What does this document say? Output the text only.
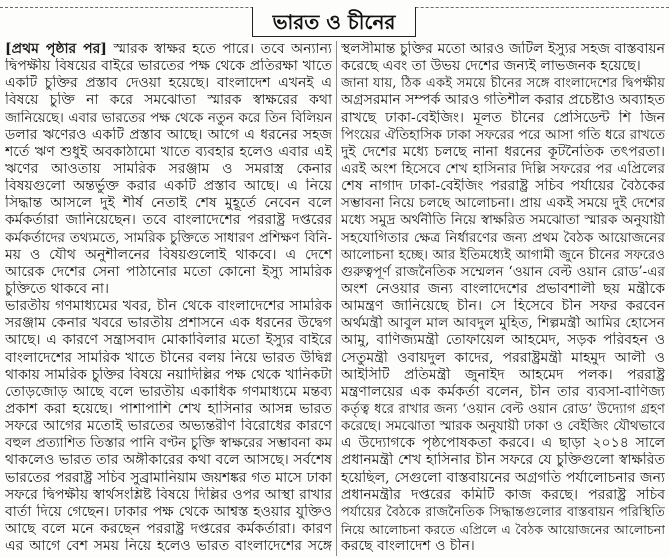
ভারত ও চীনের
[প্রথম পৃষ্ঠার পর] স্মারক স্বাক্ষর হতে পারে। তবে অন্যান্য
দ্বিপক্ষীয় বিষয়ের বাইরে ভারতের পক্ষ থেকে প্রতিরক্ষা খাতে
একটি চুক্তির প্রস্তাব দেওয়া হয়েছে। বাংলাদেশ এখনই এ
বিষয়ে চুক্তি না করে সমঝোতা স্মারক স্বাক্ষরের কথা
জানিয়েছে। এবার ভারতের পক্ষ থেকে নতুন করে তিন বিলিয়ন
ডলার ঋণেরও একটি প্রস্তাব আছে। আগে এ ধরনের সহজ
শর্তে ঋণ শুধুই অবকাঠামো খাতে ব্যবহার হলেও এবার এই
ঋণের আওতায় সামরিক সরঞ্জাম ও সমরাস্ত্র কেনার
বিষয়গুলো অন্তর্ভুক্ত করার একটি প্রস্তাব আছে। এ নিয়ে
সিদ্ধান্ত আসলে দুই শীর্ষ নেতাই শেষ মুহূর্তে নেবেন বলে
কর্মকর্তারা জানিয়েছেন। তবে বাংলাদেশের পররাষ্ট্র দপ্তরের
কর্মকর্তাদের তথ্যমতে, সামরিক চুক্তিতে সাধারণ প্রশিক্ষণ বিনি-
ময় ও যৌথ অনুশীলনের বিষয়গুলোই থাকবে। এ দেশে
আরেক দেশের সেনা পাঠানোর মতো কোনো ইস্যু সামরিক
চুক্তিতে থাকবে না।
ভারতীয় গণমাধ্যমের খবর, চীন থেকে বাংলাদেশের সামরিক
সরঞ্জাম কেনার খবরে ভারতীয় প্রশাসনে এক ধরনের উদ্বেগ
আছে। এ কারণে সন্ত্রাসবাদ মোকাবিলার মতো ইস্যুর বাইরে
বাংলাদেশের সামরিক খাতে চীনের বলয় নিয়ে ভারত উদ্বিগ্ন
থাকায় সামরিক চুক্তির বিষয়ে নয়াদিল্লির পক্ষ থেকে খানিকটা
তোড়জোড় আছে বলে ভারতীয় একাধিক গণমাধ্যমে মন্তব্য
প্রকাশ করা হয়েছে। পাশাপাশি শেখ হাসিনার আসন্ন ভারত
সফরে আগের মতোই ভারতের অভ্যন্তরীণ বিরোধের কারণে
বহুল প্রত্যাশিত তিস্তার পানি বণ্টন চুক্তি স্বাক্ষরের সম্ভাবনা কম
থাকলেও ভারত তার অঙ্গীকারের কথা বলে আসছে। সর্বশেষ
ভারতের পররাষ্ট্র সচিব সুব্রামানিয়াম জয়শঙ্কর গত মাসে ঢাকা
সফরে দ্বিপক্ষীয় স্বার্থসংশ্লিষ্ট বিষয়ে দিল্লির ওপর আস্থা রাখার
বার্তা দিয়ে গেছেন। ঢাকার পক্ষ থেকে আশ্বস্ত হওয়ার যুক্তিও
আছে বলে মনে করছেন পররাষ্ট্র দপ্তরের কর্মকর্তারা। কারণ
এর আগে বেশ সময় নিয়ে হলেও ভারত বাংলাদেশের সঙ্গে
স্থলসীমান্ত চুক্তির মতো আরও জটিল ইস্যুর সহজ বাস্তবায়ন
করেছে এবং তা উভয় দেশের জন্যই লাভজনক হয়েছে।
জানা যায়, ঠিক একই সময়ে চীনের সঙ্গে বাংলাদেশের দ্বিপক্ষীয়
অগ্রসরমান সম্পর্ক আরও গতিশীল করার প্রচেষ্টাও অব্যাহত
রাখছে ঢাকা-বেইজিং। মূলত চীনের প্রেসিডেন্ট শি জিন
পিংয়ের ঐতিহাসিক ঢাকা সফরের পরে আসা গতি ধরে রাখতে
দুই দেশের মধ্যে চলছে নানা ধরনের কূটনৈতিক তৎপরতা।
এরই অংশ হিসেবে শেখ হাসিনার দিল্লি সফরের পর এপ্রিলের
শেষ নাগাদ ঢাকা-বেইজিং পররাষ্ট্র সচিব পর্যায়ের বৈঠকের
সম্ভাবনা নিয়ে চলছে আলোচনা। প্রায় একই সময়ে দুই দেশের
মধ্যে সমুদ্র অর্থনীতি নিয়ে স্বাক্ষরিত সমঝোতা স্মারক অনুযায়ী
সহযোগিতার ক্ষেত্র নির্ধারণের জন্য প্রথম বৈঠক আয়োজনের
আলোচনা হচ্ছে। আর ইতিমধ্যেই আগামী জুনে চীনের সফরেও
গুরুত্বপূর্ণ রাজনৈতিক সম্মেলন ‘ওয়ান বেল্ট ওয়ান রোড’-এর
অংশ নেওয়ার জন্য বাংলাদেশের প্রভাবশালী ছয় মন্ত্রীকে
আমন্ত্রণ জানিয়েছে চীন। সে হিসেবে চীন সফর করবেন
অর্থমন্ত্রী আবুল মাল আবদুল মুহিত, শিল্পমন্ত্রী আমির হোসেন
আমু, বাণিজ্যমন্ত্রী তোফায়েল আহমেদ, সড়ক পরিবহন ও
সেতুমন্ত্রী ওবায়দুল কাদের, পররাষ্ট্রমন্ত্রী মাহমুদ আলী ও
আইসিটি প্রতিমন্ত্রী জুনাইদ আহমেদ পলক। পররাষ্ট্র
মন্ত্রণালয়ের এক কর্মকর্তা বলেন, চীন তার ব্যবসা-বাণিজ্য
কর্তৃত্ব ধরে রাখার জন্য ‘ওয়ান বেল্ট ওয়ান রোড’ উদ্যোগ গ্রহণ
করেছে। সমঝোতা স্মারক অনুযায়ী ঢাকা ও বেইজিং যৌথভাবে
এ উদ্যোগকে পৃষ্ঠপোষকতা করবে। এ ছাড়া ২০১৪ সালে
প্রধানমন্ত্রী শেখ হাসিনার চীন সফরে যে চুক্তিগুলো স্বাক্ষরিত
হয়েছিল, সেগুলো বাস্তবায়নের অগ্রগতি পর্যালোচনার জন্য
প্রধানমন্ত্রীর দপ্তরের কমিটি কাজ করছে। পররাষ্ট্র সচিব
পর্যায়ের বৈঠকে রাজনৈতিক সিদ্ধান্তগুলোর বাস্তবায়ন পরিস্থিতি
নিয়ে আলোচনা করতে এপ্রিলে এ বৈঠক আয়োজনের আলোচনা
করছে বাংলাদেশ ও চীন।
